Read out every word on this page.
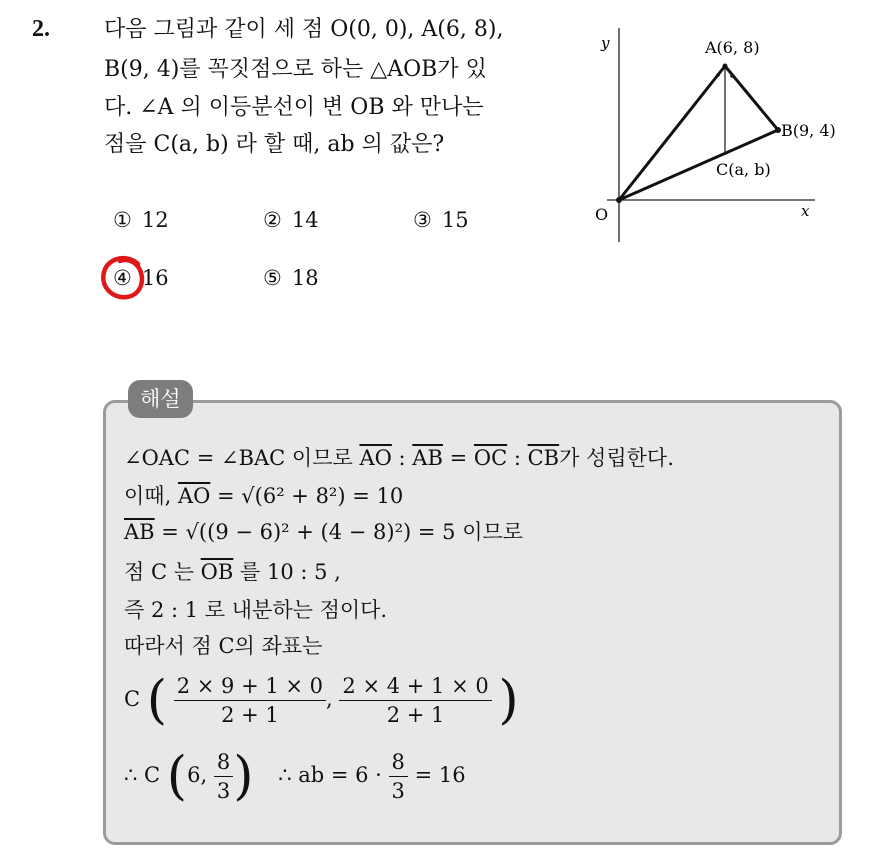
2. 다음 그림과 같이 세 점 O(0, 0), A(6, 8),
B(9, 4)를 꼭짓점으로 하는 △AOB가 있
다. ∠A 의 이등분선이 변 OB 와 만나는
점을 C(a, b) 라 할 때, ab 의 값은?
① 12	② 14	③ 15
④ 16	⑤ 18
y
x
O
A(6, 8)
B(9, 4)
C(a, b)
해설
∠OAC = ∠BAC 이므로 $\overline{AO}$ : $\overline{AB} = \overline{OC}$ : $\overline{CB}$가 성립한다.
이때, $\overline{AO} = √(6^2 + 8^2) = 10$
$\overline{AB} = √((9 - 6)^2 + (4 - 8)^2) = 5$ 이므로
점 C 는 $\overline{OB}$ 를 10 : 5 ,
즉 2 : 1 로 내분하는 점이다.
따라서 점 C의 좌표는
C ( $\frac{2 \times 9 + 1 \times 0}{2 + 1}$ , $\frac{2 \times 4 + 1 \times 0}{2 + 1}$ )
∴ C (6, $\frac{8}{3}$ ) ∴ ab = $6 \cdot \frac{8}{3} = 16$
